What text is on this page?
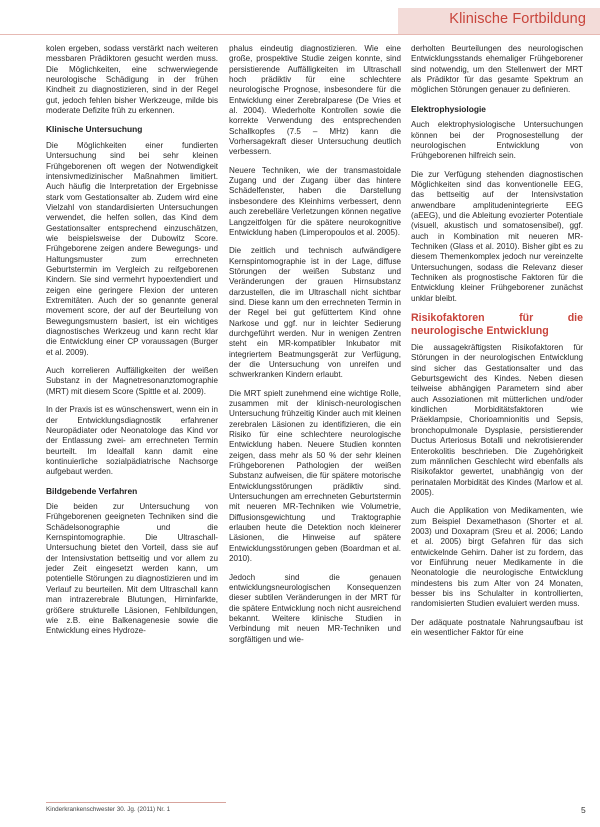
Klinische Fortbildung

kolen ergeben, sodass verstärkt nach weiteren messbaren Prädiktoren gesucht werden muss. Die Möglichkeiten, eine schwerwiegende neurologische Schädigung in der frühen Kindheit zu diagnostizieren, sind in der Regel gut, jedoch fehlen bisher Werkzeuge, milde bis moderate Defizite früh zu erkennen.

Klinische Untersuchung

Die Möglichkeiten einer fundierten Untersuchung sind bei sehr kleinen Frühgeborenen oft wegen der Notwendigkeit intensivmedizinischer Maßnahmen limitiert. Auch häufig die Interpretation der Ergebnisse stark vom Gestationsalter ab. Zudem wird eine Vielzahl von standardisierten Untersuchungen verwendet, die helfen sollen, das Kind dem Gestationsalter entsprechend einzuschätzen, wie beispielsweise der Dubowitz Score. Frühgeborene zeigen andere Bewegungs- und Haltungsmuster zum errechneten Geburtstermin im Vergleich zu reifgeborenen Kindern. Sie sind vermehrt hypoextendiert und zeigen eine geringere Flexion der unteren Extremitäten. Auch der so genannte general movement score, der auf der Beurteilung von Bewegungsmustern basiert, ist ein wichtiges diagnostisches Werkzeug und kann recht klar die Entwicklung einer CP voraussagen (Burger et al. 2009).

Auch korrelieren Auffälligkeiten der weißen Substanz in der Magnetresonanztomographie (MRT) mit diesem Score (Spittle et al. 2009).

In der Praxis ist es wünschenswert, wenn ein in der Entwicklungsdiagnostik erfahrener Neuropädiater oder Neonatologe das Kind vor der Entlassung zwei- am errechneten Termin beurteilt. Im Idealfall kann damit eine kontinuierliche sozialpädiatrische Nachsorge aufgebaut werden.

Bildgebende Verfahren

Die beiden zur Untersuchung von Frühgeborenen geeigneten Techniken sind die Schädelsonographie und die Kernspintomographie. Die Ultraschall-Untersuchung bietet den Vorteil, dass sie auf der Intensivstation bettseitig und vor allem zu jeder Zeit eingesetzt werden kann, um potentielle Störungen zu diagnostizieren und im Verlauf zu beurteilen. Mit dem Ultraschall kann man intrazerebrale Blutungen, Hirninfarkte, größere strukturelle Läsionen, Fehlbildungen, wie z.B. eine Balkenagenesie sowie die Entwicklung eines Hydroze-

phalus eindeutig diagnostizieren. Wie eine große, prospektive Studie zeigen konnte, sind persistierende Auffälligkeiten im Ultraschall hoch prädiktiv für eine schlechtere neurologische Prognose, insbesondere für die Entwicklung einer Zerebralparese (De Vries et al. 2004). Wiederholte Kontrollen sowie die korrekte Verwendung des entsprechenden Schallkopfes (7.5 – MHz) kann die Vorhersagekraft dieser Untersuchung deutlich verbessern.

Neuere Techniken, wie der transmastoidale Zugang und der Zugang über das hintere Schädelfenster, haben die Darstellung insbesondere des Kleinhirns verbessert, denn auch zerebelläre Verletzungen können negative Langzeitfolgen für die spätere neurokognitive Entwicklung haben (Limperopoulos et al. 2005).

Die zeitlich und technisch aufwändigere Kernspintomographie ist in der Lage, diffuse Störungen der weißen Substanz und Veränderungen der grauen Hirnsubstanz darzustellen, die im Ultraschall nicht sichtbar sind. Diese kann um den errechneten Termin in der Regel bei gut gefüttertem Kind ohne Narkose und ggf. nur in leichter Sedierung durchgeführt werden. Nur in wenigen Zentren steht ein MR-kompatibler Inkubator mit integriertem Beatmungsgerät zur Verfügung, der die Untersuchung von unreifen und schwerkranken Kindern erlaubt.

Die MRT spielt zunehmend eine wichtige Rolle, zusammen mit der klinisch-neurologischen Untersuchung frühzeitig Kinder auch mit kleinen zerebralen Läsionen zu identifizieren, die ein Risiko für eine schlechtere neurologische Entwicklung haben. Neuere Studien konnten zeigen, dass mehr als 50 % der sehr kleinen Frühgeborenen Pathologien der weißen Substanz aufweisen, die für spätere motorische Entwicklungsstörungen prädiktiv sind. Untersuchungen am errechneten Geburtstermin mit neueren MR-Techniken wie Volumetrie, Diffusionsgewichtung und Traktographie erlauben heute die Detektion noch kleinerer Läsionen, die Hinweise auf spätere Entwicklungsstörungen geben (Boardman et al. 2010).

Jedoch sind die genauen entwicklungsneurologischen Konsequenzen dieser subtilen Veränderungen in der MRT für die spätere Entwicklung noch nicht ausreichend bekannt. Weitere klinische Studien in Verbindung mit neuen MR-Techniken und sorgfältigen und wie-

derholten Beurteilungen des neurologischen Entwicklungsstands ehemaliger Frühgeborener sind notwendig, um den Stellenwert der MRT als Prädiktor für das gesamte Spektrum an möglichen Störungen genauer zu definieren.

Elektrophysiologie

Auch elektrophysiologische Untersuchungen können bei der Prognosestellung der neurologischen Entwicklung von Frühgeborenen hilfreich sein.

Die zur Verfügung stehenden diagnostischen Möglichkeiten sind das konventionelle EEG, das bettseitig auf der Intensivstation anwendbare amplitudenintegrierte EEG (aEEG), und die Ableitung evozierter Potentiale (visuell, akustisch und somatosensibel), ggf. auch in Kombination mit neueren MR-Techniken (Glass et al. 2010). Bisher gibt es zu diesem Themenkomplex jedoch nur vereinzelte Untersuchungen, sodass die Relevanz dieser Techniken als prognostische Faktoren für die Entwicklung kleiner Frühgeborener zunächst unklar bleibt.

Risikofaktoren für die neurologische Entwicklung

Die aussagekräftigsten Risikofaktoren für Störungen in der neurologischen Entwicklung sind sicher das Gestationsalter und das Geburtsgewicht des Kindes. Neben diesen teilweise abhängigen Parametern sind aber auch Assoziationen mit mütterlichen und/oder kindlichen Morbiditätsfaktoren wie Präeklampsie, Chorioamnionitis und Sepsis, bronchopulmonale Dysplasie, persistierender Ductus Arteriosus Botalli und nekrotisierender Enterokolitis beschrieben. Die Zugehörigkeit zum männlichen Geschlecht wird ebenfalls als Risikofaktor gewertet, unabhängig von der perinatalen Morbidität des Kindes (Marlow et al. 2005).

Auch die Applikation von Medikamenten, wie zum Beispiel Dexamethason (Shorter et al. 2003) und Doxapram (Sreu et al. 2006; Lando et al. 2005) birgt Gefahren für das sich entwickelnde Gehirn. Daher ist zu fordern, das vor Einführung neuer Medikamente in die Neonatologie die neurologische Entwicklung mindestens bis zum Alter von 24 Monaten, besser bis ins Schulalter in kontrollierten, randomisierten Studien evaluiert werden muss.

Der adäquate postnatale Nahrungsaufbau ist ein wesentlicher Faktor für eine

Kinderkrankenschwester 30. Jg. (2011) Nr. 1	5
